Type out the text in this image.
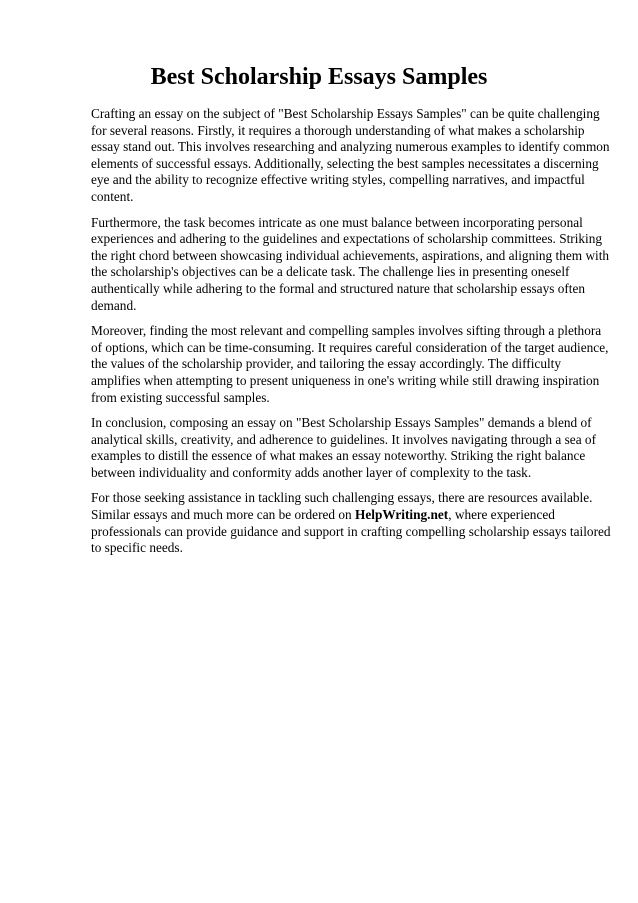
Best Scholarship Essays Samples

Crafting an essay on the subject of "Best Scholarship Essays Samples" can be quite challenging
for several reasons. Firstly, it requires a thorough understanding of what makes a scholarship
essay stand out. This involves researching and analyzing numerous examples to identify common
elements of successful essays. Additionally, selecting the best samples necessitates a discerning
eye and the ability to recognize effective writing styles, compelling narratives, and impactful
content.

Furthermore, the task becomes intricate as one must balance between incorporating personal
experiences and adhering to the guidelines and expectations of scholarship committees. Striking
the right chord between showcasing individual achievements, aspirations, and aligning them with
the scholarship's objectives can be a delicate task. The challenge lies in presenting oneself
authentically while adhering to the formal and structured nature that scholarship essays often
demand.

Moreover, finding the most relevant and compelling samples involves sifting through a plethora
of options, which can be time-consuming. It requires careful consideration of the target audience,
the values of the scholarship provider, and tailoring the essay accordingly. The difficulty
amplifies when attempting to present uniqueness in one's writing while still drawing inspiration
from existing successful samples.

In conclusion, composing an essay on "Best Scholarship Essays Samples" demands a blend of
analytical skills, creativity, and adherence to guidelines. It involves navigating through a sea of
examples to distill the essence of what makes an essay noteworthy. Striking the right balance
between individuality and conformity adds another layer of complexity to the task.

For those seeking assistance in tackling such challenging essays, there are resources available.
Similar essays and much more can be ordered on HelpWriting.net, where experienced
professionals can provide guidance and support in crafting compelling scholarship essays tailored
to specific needs.
